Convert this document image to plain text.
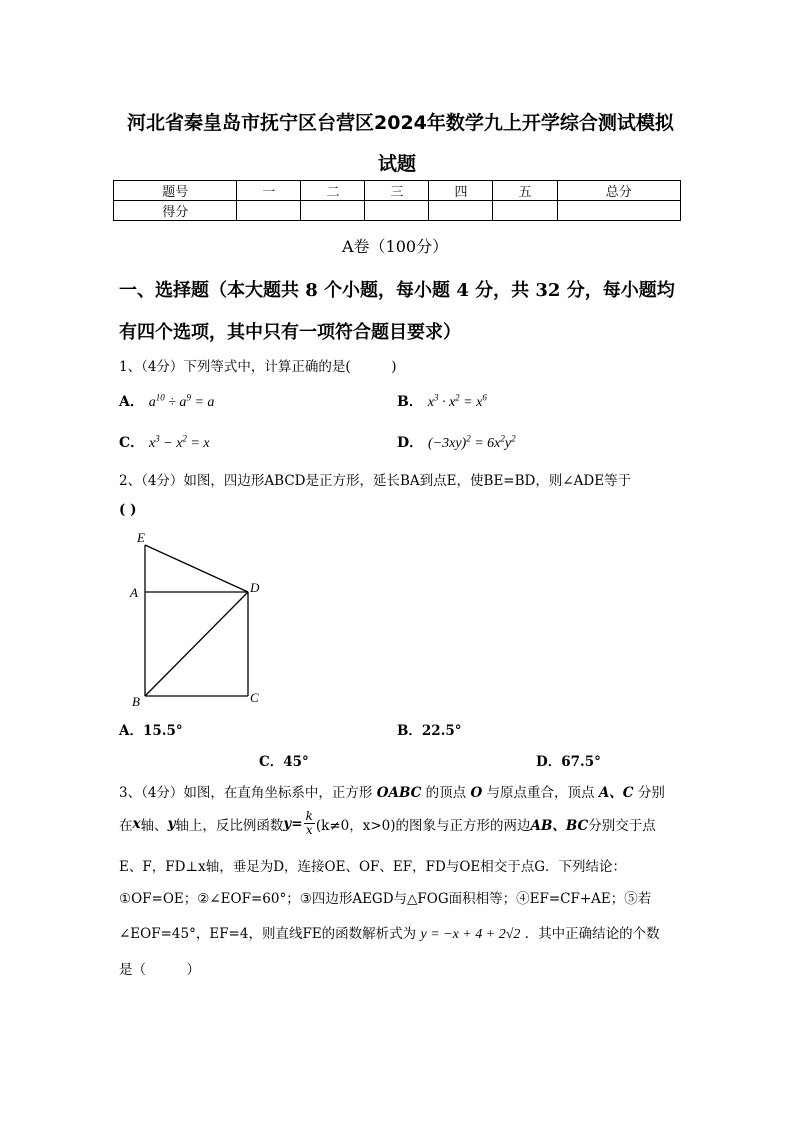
河北省秦皇岛市抚宁区台营区2024年数学九上开学综合测试模拟
试题
题号	一	二	三	四	五	总分
得分						
A卷（100分）
一、选择题（本大题共 8 个小题，每小题 4 分，共 32 分，每小题均
有四个选项，其中只有一项符合题目要求）
1、（4分）下列等式中，计算正确的是(　　　)
A． $a^{10} \div a^9 = a$	B． $x^3 \cdot x^2 = x^6$
C． $x^3 - x^2 = x$	D． $(-3xy)^2 = 6x^2y^2$
2、（4分）如图，四边形ABCD是正方形，延长BA到点E，使BE=BD，则∠ADE等于
( )
E
A	D
B	C
A．15.5°	B．22.5°
C．45°	D．67.5°
3、（4分）如图，在直角坐标系中，正方形 OABC 的顶点 O 与原点重合，顶点 A、C 分别
在 x 轴、 y 轴上，反比例函数 $y= \frac{k}{x} (k\ne 0$，x>0)的图象与正方形的两边 AB、BC 分别交于点
E、F，FD⊥x轴，垂足为D，连接OE、OF、EF，FD与OE相交于点G．下列结论：
①OF=OE；②∠EOF=60°；③四边形AEGD与△FOG面积相等；④EF=CF+AE；⑤若
∠EOF=45°，EF=4，则直线FE的函数解析式为 y = −x + 4 + 2√2 ．其中正确结论的个数
是（　　　）
